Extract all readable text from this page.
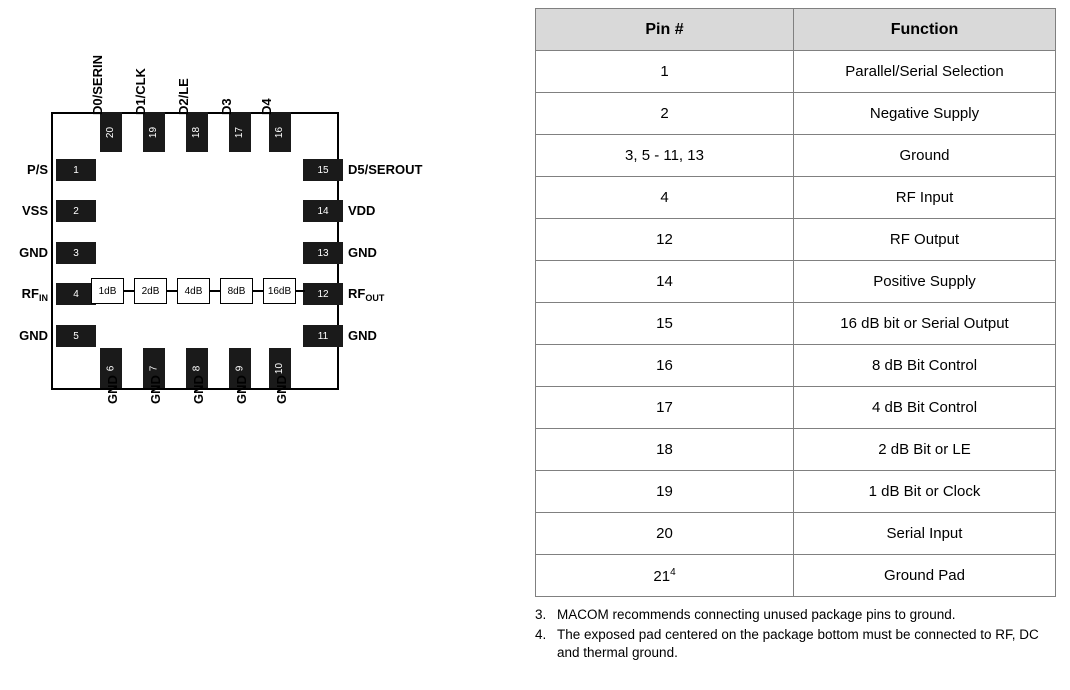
20	19	18	17	16
D0/SERIN D1/CLK D2/LE D3 D4
1
2
3
4
5
P/S
VSS
GND
$RF_{IN}$
GND
15
14
13
12
11
D5/SEROUT
VDD
GND
$RF_{OUT}$
GND
6	7	8	9	10
GND GND GND GND GND
1dB	2dB	4dB	8dB	16dB
Pin #	Function
1	Parallel/Serial Selection
2	Negative Supply
3, 5 - 11, 13	Ground
4	RF Input
12	RF Output
14	Positive Supply
15	16 dB bit or Serial Output
16	8 dB Bit Control
17	4 dB Bit Control
18	2 dB Bit or LE
19	1 dB Bit or Clock
20	Serial Input
$21^4$	Ground Pad
3. MACOM recommends connecting unused package pins to ground.
4. The exposed pad centered on the package bottom must be connected to RF, DC and thermal ground.
